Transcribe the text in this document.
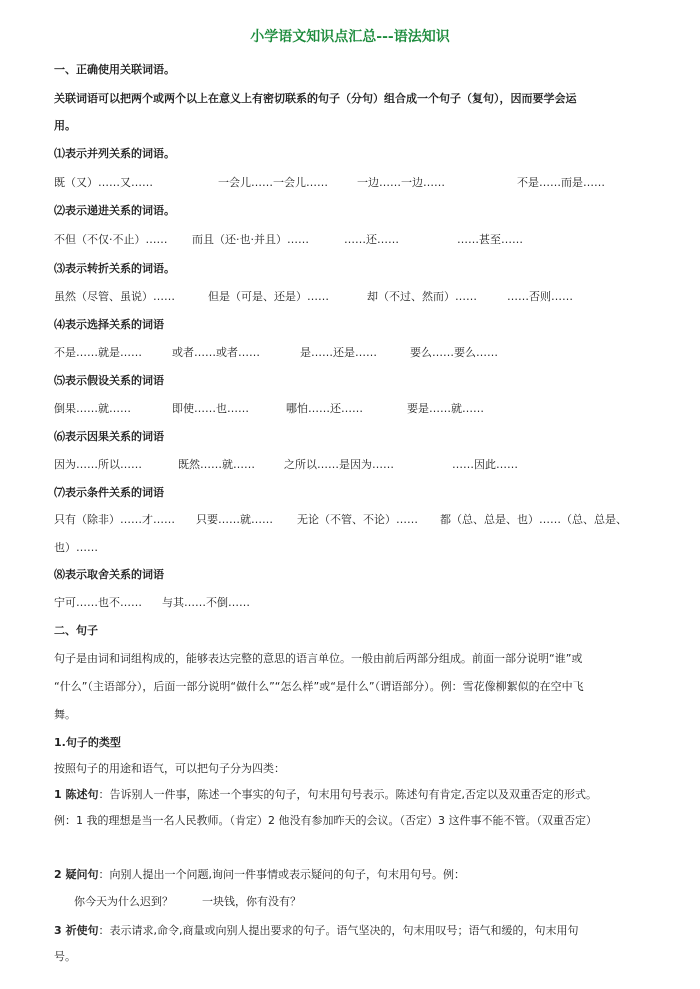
小学语文知识点汇总---语法知识
一、正确使用关联词语。
关联词语可以把两个或两个以上在意义上有密切联系的句子（分句）组合成一个句子（复句），因而要学会运
用。
⑴表示并列关系的词语。
既（又）……又……	一会儿……一会儿……	一边……一边……	不是……而是……
⑵表示递进关系的词语。
不但（不仅·不止）…… 而且（还·也·并且）……	……还……	……甚至……
⑶表示转折关系的词语。
虽然（尽管、虽说）……	但是（可是、还是）……	却（不过、然而）……	……否则……
⑷表示选择关系的词语
不是……就是……	或者……或者……	是……还是……	要么……要么……
⑸表示假设关系的词语
倒果……就……	即使……也……	哪怕……还……	要是……就……
⑹表示因果关系的词语
因为……所以……	既然……就……	之所以……是因为……	……因此……
⑺表示条件关系的词语
只有（除非）……才…… 只要……就…… 无论（不管、不论）…… 都（总、总是、也）……（总、总是、
也）……
⑻表示取舍关系的词语
宁可……也不…… 与其……不倒……
二、句子
句子是由词和词组构成的，能够表达完整的意思的语言单位。一般由前后两部分组成。前面一部分说明“谁”或
“什么”（主语部分），后面一部分说明“做什么”“怎么样”或“是什么”（谓语部分）。例：雪花像柳絮似的在空中飞
舞。
1.句子的类型
按照句子的用途和语气，可以把句子分为四类：
1 陈述句：告诉别人一件事，陈述一个事实的句子，句末用句号表示。陈述句有肯定,否定以及双重否定的形式。
例：1 我的理想是当一名人民教师。（肯定）2 他没有参加昨天的会议。（否定）3 这件事不能不管。（双重否定）
2 疑问句：向别人提出一个问题,询问一件事情或表示疑问的句子，句末用句号。例：
你今天为什么迟到？	一块钱，你有没有？
3 祈使句：表示请求,命令,商量或向别人提出要求的句子。语气坚决的，句末用叹号；语气和缓的，句末用句
号。
